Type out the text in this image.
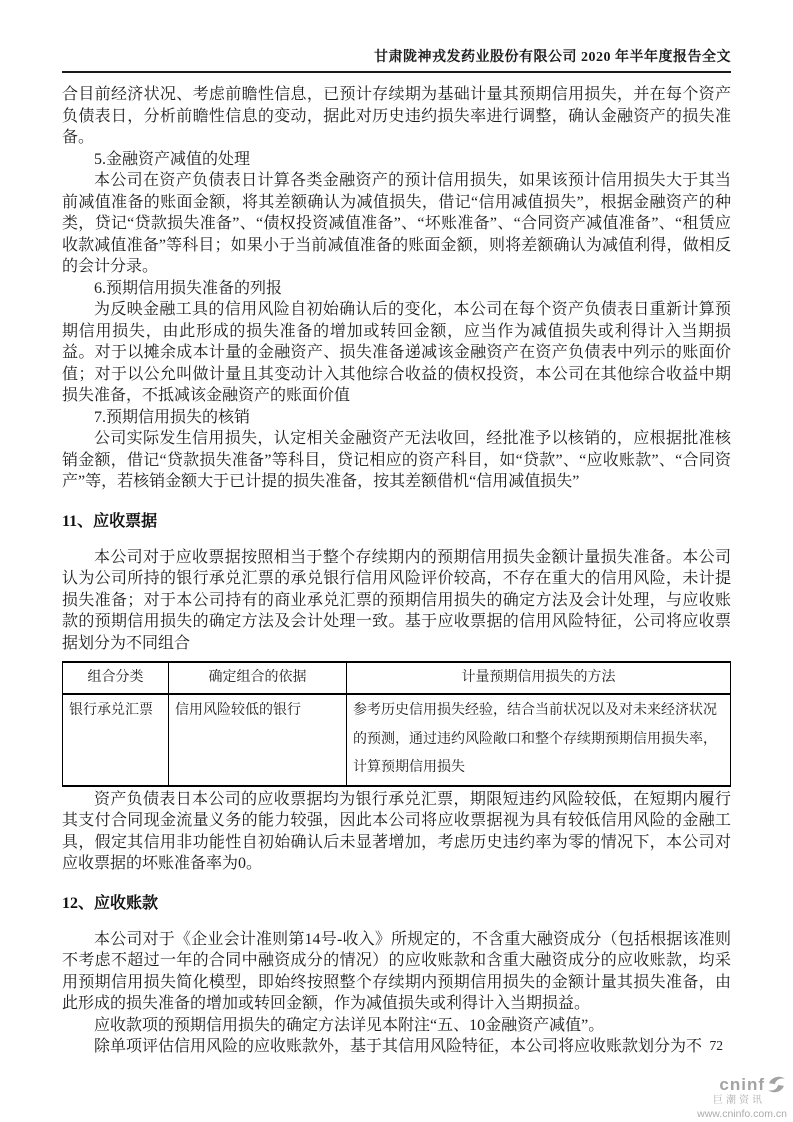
甘肃陇神戎发药业股份有限公司 2020 年半年度报告全文

合目前经济状况、考虑前瞻性信息，已预计存续期为基础计量其预期信用损失，并在每个资产负债表日，分析前瞻性信息的变动，据此对历史违约损失率进行调整，确认金融资产的损失准备。

5.金融资产减值的处理

本公司在资产负债表日计算各类金融资产的预计信用损失，如果该预计信用损失大于其当前减值准备的账面金额，将其差额确认为减值损失，借记“信用减值损失”，根据金融资产的种类，贷记“贷款损失准备”、“债权投资减值准备”、“坏账准备”、“合同资产减值准备”、“租赁应收款减值准备”等科目；如果小于当前减值准备的账面金额，则将差额确认为减值利得，做相反的会计分录。

6.预期信用损失准备的列报

为反映金融工具的信用风险自初始确认后的变化，本公司在每个资产负债表日重新计算预期信用损失，由此形成的损失准备的增加或转回金额，应当作为减值损失或利得计入当期损益。对于以摊余成本计量的金融资产、损失准备递减该金融资产在资产负债表中列示的账面价值；对于以公允叫做计量且其变动计入其他综合收益的债权投资，本公司在其他综合收益中期损失准备，不抵减该金融资产的账面价值

7.预期信用损失的核销

公司实际发生信用损失，认定相关金融资产无法收回，经批准予以核销的，应根据批准核销金额，借记“贷款损失准备”等科目，贷记相应的资产科目，如“贷款”、“应收账款”、“合同资产”等，若核销金额大于已计提的损失准备，按其差额借机“信用减值损失”

11、应收票据

本公司对于应收票据按照相当于整个存续期内的预期信用损失金额计量损失准备。本公司认为公司所持的银行承兑汇票的承兑银行信用风险评价较高，不存在重大的信用风险，未计提损失准备；对于本公司持有的商业承兑汇票的预期信用损失的确定方法及会计处理，与应收账款的预期信用损失的确定方法及会计处理一致。基于应收票据的信用风险特征，公司将应收票据划分为不同组合

组合分类	确定组合的依据	计量预期信用损失的方法
银行承兑汇票	信用风险较低的银行	参考历史信用损失经验，结合当前状况以及对未来经济状况的预测，通过违约风险敞口和整个存续期预期信用损失率，计算预期信用损失

资产负债表日本公司的应收票据均为银行承兑汇票，期限短违约风险较低，在短期内履行其支付合同现金流量义务的能力较强，因此本公司将应收票据视为具有较低信用风险的金融工具，假定其信用非功能性自初始确认后未显著增加，考虑历史违约率为零的情况下，本公司对应收票据的坏账准备率为0。

12、应收账款

本公司对于《企业会计准则第14号-收入》所规定的，不含重大融资成分（包括根据该准则不考虑不超过一年的合同中融资成分的情况）的应收账款和含重大融资成分的应收账款，均采用预期信用损失简化模型，即始终按照整个存续期内预期信用损失的金额计量其损失准备，由此形成的损失准备的增加或转回金额，作为减值损失或利得计入当期损益。

应收款项的预期信用损失的确定方法详见本附注“五、10金融资产减值”。

除单项评估信用风险的应收账款外，基于其信用风险特征，本公司将应收账款划分为不 72
cninf
巨潮资讯
www.cninfo.com.cn
